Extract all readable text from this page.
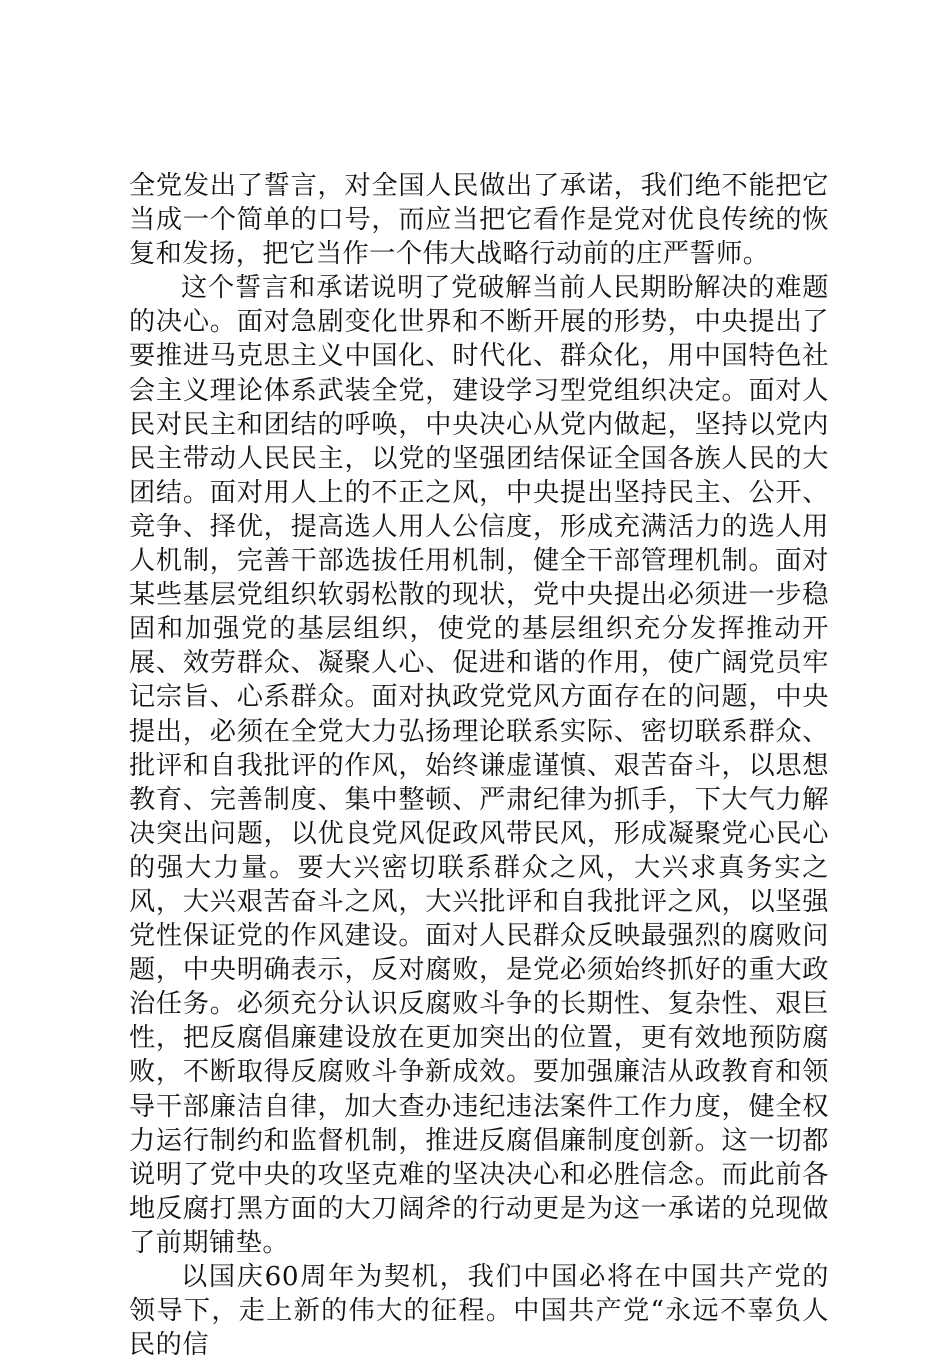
全党发出了誓言，对全国人民做出了承诺，我们绝不能把它当成一个简单的口号，而应当把它看作是党对优良传统的恢复和发扬，把它当作一个伟大战略行动前的庄严誓师。

这个誓言和承诺说明了党破解当前人民期盼解决的难题的决心。面对急剧变化世界和不断开展的形势，中央提出了要推进马克思主义中国化、时代化、群众化，用中国特色社会主义理论体系武装全党，建设学习型党组织决定。面对人民对民主和团结的呼唤，中央决心从党内做起，坚持以党内民主带动人民民主，以党的坚强团结保证全国各族人民的大团结。面对用人上的不正之风，中央提出坚持民主、公开、竞争、择优，提高选人用人公信度，形成充满活力的选人用人机制，完善干部选拔任用机制，健全干部管理机制。面对某些基层党组织软弱松散的现状，党中央提出必须进一步稳固和加强党的基层组织，使党的基层组织充分发挥推动开展、效劳群众、凝聚人心、促进和谐的作用，使广阔党员牢记宗旨、心系群众。面对执政党党风方面存在的问题，中央提出，必须在全党大力弘扬理论联系实际、密切联系群众、批评和自我批评的作风，始终谦虚谨慎、艰苦奋斗，以思想教育、完善制度、集中整顿、严肃纪律为抓手，下大气力解决突出问题，以优良党风促政风带民风，形成凝聚党心民心的强大力量。要大兴密切联系群众之风，大兴求真务实之风，大兴艰苦奋斗之风，大兴批评和自我批评之风，以坚强党性保证党的作风建设。面对人民群众反映最强烈的腐败问题，中央明确表示，反对腐败，是党必须始终抓好的重大政治任务。必须充分认识反腐败斗争的长期性、复杂性、艰巨性，把反腐倡廉建设放在更加突出的位置，更有效地预防腐败，不断取得反腐败斗争新成效。要加强廉洁从政教育和领导干部廉洁自律，加大查办违纪违法案件工作力度，健全权力运行制约和监督机制，推进反腐倡廉制度创新。这一切都说明了党中央的攻坚克难的坚决决心和必胜信念。而此前各地反腐打黑方面的大刀阔斧的行动更是为这一承诺的兑现做了前期铺垫。

以国庆60周年为契机，我们中国必将在中国共产党的领导下，走上新的伟大的征程。中国共产党“永远不辜负人民的信
